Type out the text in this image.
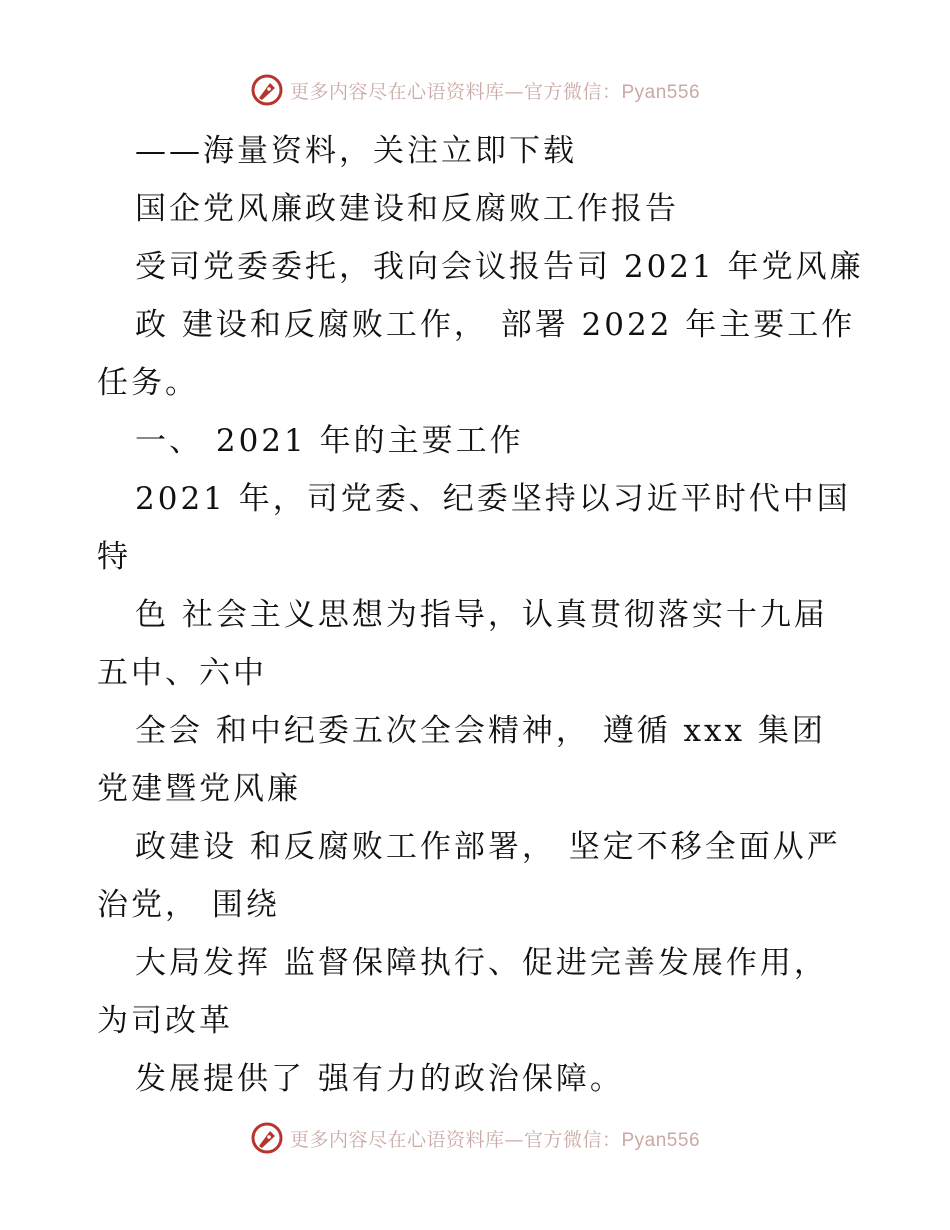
更多内容尽在心语资料库—官方微信：Pyan556
——海量资料，关注立即下载
国企党风廉政建设和反腐败工作报告
受司党委委托，我向会议报告司 2021 年党风廉
政 建设和反腐败工作， 部署 2022 年主要工作
任务。
一、 2021 年的主要工作
2021 年，司党委、纪委坚持以习近平时代中国
特
色 社会主义思想为指导，认真贯彻落实十九届
五中、六中
全会 和中纪委五次全会精神， 遵循 xxx 集团
党建暨党风廉
政建设 和反腐败工作部署， 坚定不移全面从严
治党， 围绕
大局发挥 监督保障执行、促进完善发展作用，
为司改革
发展提供了 强有力的政治保障。
更多内容尽在心语资料库—官方微信：Pyan556
